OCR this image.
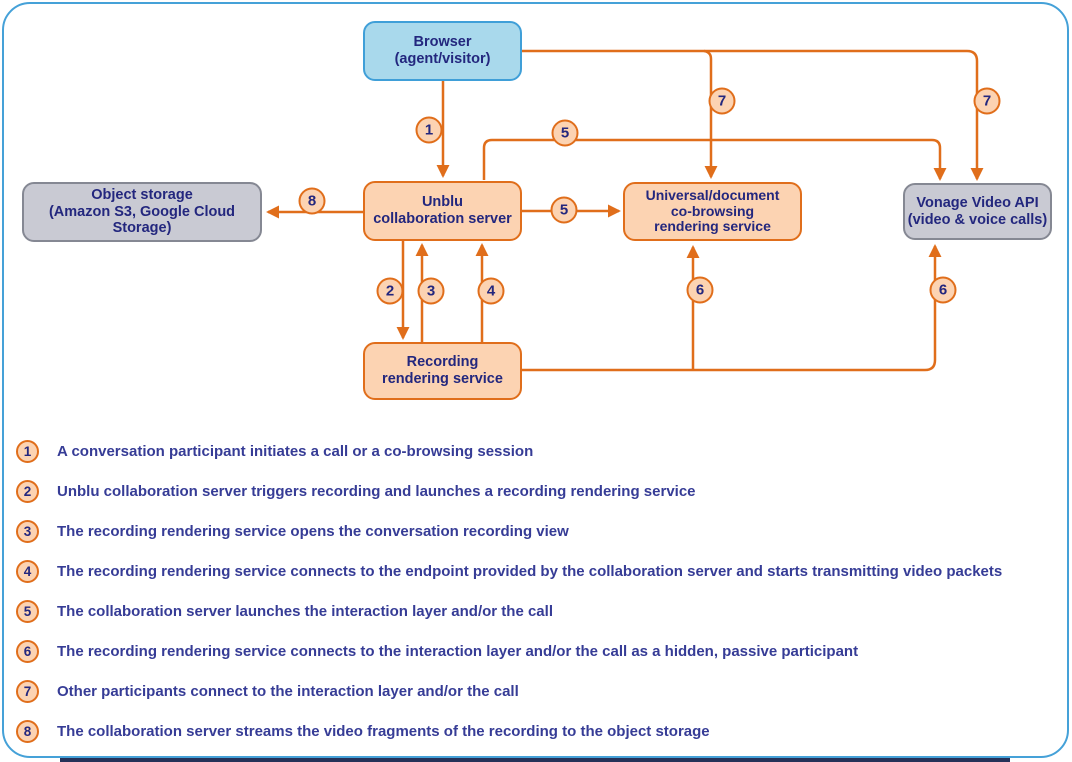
Browser
(agent/visitor)
Object storage
(Amazon S3, Google Cloud Storage)
Unblu
collaboration server
Universal/document
co-browsing
rendering service
Vonage Video API
(video & voice calls)
Recording
rendering service
1
2	3	4
5
5
6	6
7	7
8
1	A conversation participant initiates a call or a co-browsing session
2	Unblu collaboration server triggers recording and launches a recording rendering service
3	The recording rendering service opens the conversation recording view
4	The recording rendering service connects to the endpoint provided by the collaboration server and starts transmitting video packets
5	The collaboration server launches the interaction layer and/or the call
6	The recording rendering service connects to the interaction layer and/or the call as a hidden, passive participant
7	Other participants connect to the interaction layer and/or the call
8	The collaboration server streams the video fragments of the recording to the object storage
